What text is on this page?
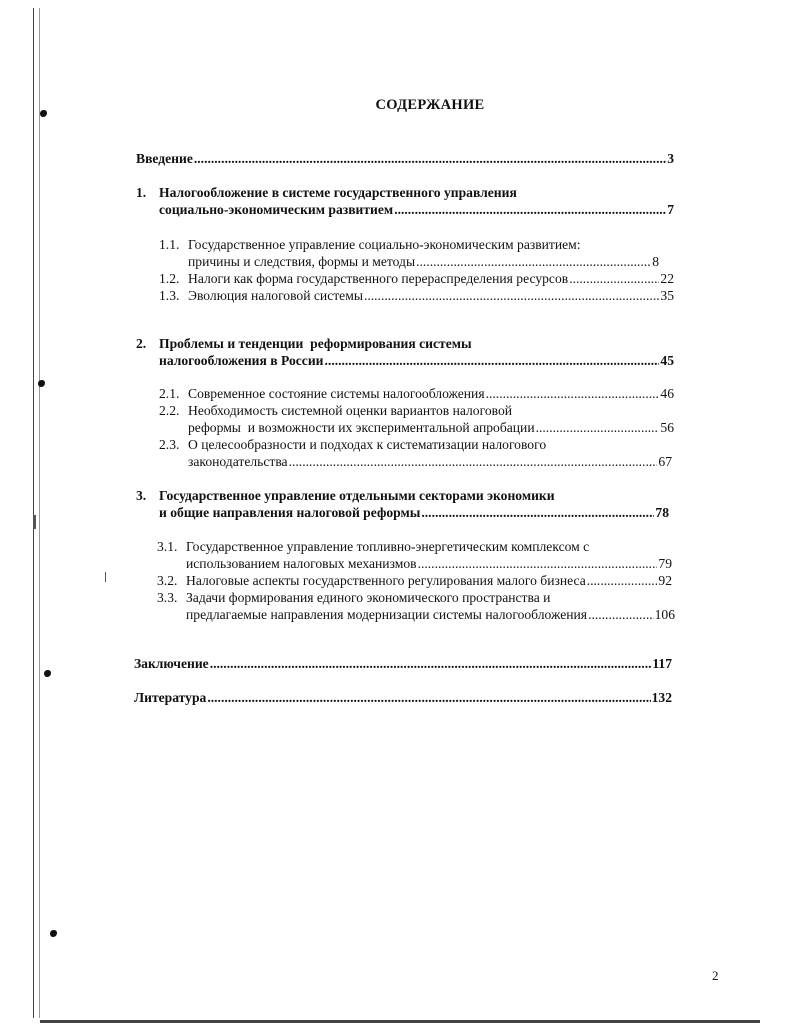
СОДЕРЖАНИЕ
Введение .....	3
1. Налогообложение в системе государственного управления
социально-экономическим развитием .....	7
1.1. Государственное управление социально-экономическим развитием:
причины и следствия, формы и методы .....	8
1.2. Налоги как форма государственного перераспределения ресурсов .....	22
1.3. Эволюция налоговой системы .....	35
2. Проблемы и тенденции  реформирования системы
налогообложения в России .....	45
2.1. Современное состояние системы налогообложения .....	46
2.2. Необходимость системной оценки вариантов налоговой
реформы  и возможности их экспериментальной апробации .....	56
2.3. О целесообразности и подходах к систематизации налогового
законодательства .....	67
3. Государственное управление отдельными секторами экономики
и общие направления налоговой реформы .....	78
3.1. Государственное управление топливно-энергетическим комплексом с
использованием налоговых механизмов .....	79
3.2. Налоговые аспекты государственного регулирования малого бизнеса .....	92
3.3. Задачи формирования единого экономического пространства и
предлагаемые направления модернизации системы налогообложения .....	106
Заключение .....	117
Литература .....	132
2
